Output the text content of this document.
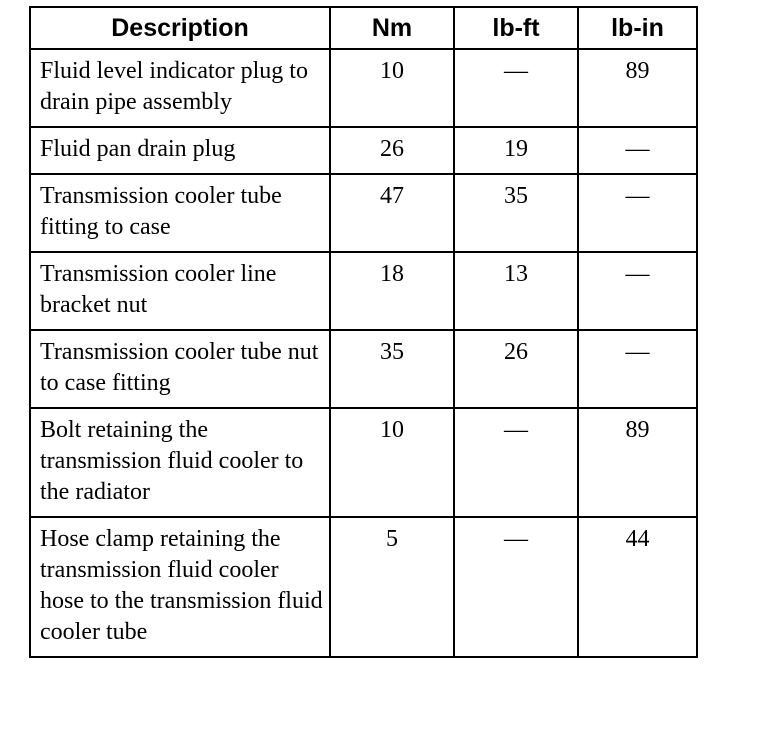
Description	Nm	lb-ft	lb-in
Fluid level indicator plug to drain pipe assembly	10	—	89
Fluid pan drain plug	26	19	—
Transmission cooler tube fitting to case	47	35	—
Transmission cooler line bracket nut	18	13	—
Transmission cooler tube nut to case fitting	35	26	—
Bolt retaining the transmission fluid cooler to the radiator	10	—	89
Hose clamp retaining the transmission fluid cooler hose to the transmission fluid cooler tube	5	—	44
